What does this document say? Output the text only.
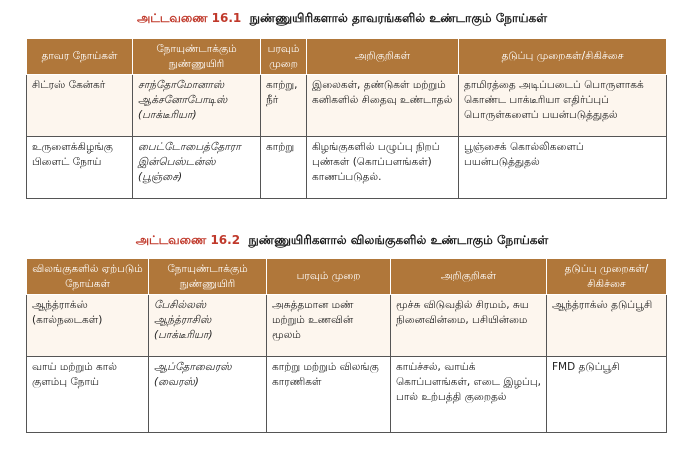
அட்டவணை 16.1 நுண்ணுயிரிகளால் தாவரங்களில் உண்டாகும் நோய்கள்
தாவர நோய்கள்	நோயுண்டாக்கும் நுண்ணுயிரி	பரவும் முறை	அறிகுறிகள்	தடுப்பு முறைகள்/சிகிச்சை
சிட்ரஸ் கேன்கர்	சாந்தோமோனாஸ் ஆக்சனோபோடிஸ் (பாக்டீரியா)	காற்று, நீர்	இலைகள், தண்டுகள் மற்றும் கனிகளில் சிதைவு உண்டாதல்	தாமிரத்தை அடிப்படைப் பொருளாகக் கொண்ட பாக்டீரியா எதிர்ப்புப் பொருள்களைப் பயன்படுத்துதல்
உருளைக்கிழங்கு பிளைட் நோய்	பைட்டோபைத்தோரா இன்பெஸ்டன்ஸ் (பூஞ்சை)	காற்று	கிழங்குகளில் பழுப்பு நிறப் புண்கள் (கொப்பளங்கள்) காணப்படுதல்.	பூஞ்சைக் கொல்லிகளைப் பயன்படுத்துதல்
அட்டவணை 16.2 நுண்ணுயிரிகளால் விலங்குகளில் உண்டாகும் நோய்கள்
விலங்குகளில் ஏற்படும் நோய்கள்	நோயுண்டாக்கும் நுண்ணுயிரி	பரவும் முறை	அறிகுறிகள்	தடுப்பு முறைகள்/ சிகிச்சை
ஆந்த்ராக்ஸ் (கால்நடைகள்)	பேசில்லஸ் ஆந்த்ராசிஸ் (பாக்டீரியா)	அசுத்தமான மண் மற்றும் உணவின் மூலம்	மூச்சு விடுவதில் சிரமம், சுய நினைவின்மை, பசியின்மை	ஆந்த்ராக்ஸ் தடுப்பூசி
வாய் மற்றும் கால் குளம்பு நோய்	ஆப்தோவைரஸ் (வைரஸ்)	காற்று மற்றும் விலங்கு காரணிகள்	காய்ச்சல், வாய்க் கொப்பளங்கள், எடை இழப்பு, பால் உற்பத்தி குறைதல்	FMD தடுப்பூசி
